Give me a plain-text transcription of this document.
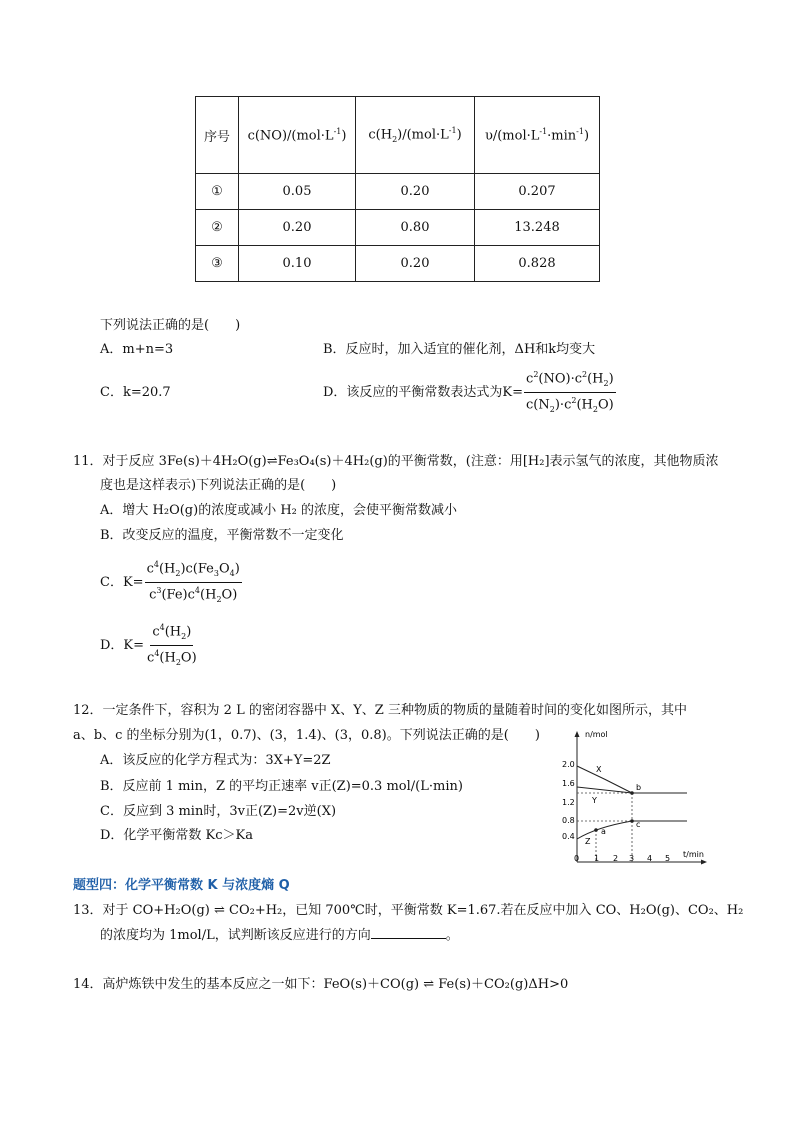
序号	$c(NO)/(mol\cdot L^{-1})$	$c(H_2)/(mol\cdot L^{-1})$	$\upsilon/(mol\cdot L^{-1}\cdot\min^{-1})$
①	0.05	0.20	0.207
②	0.20	0.80	13.248
③	0.10	0.20	0.828
下列说法正确的是(　　)
A．m+n=3	B．反应时，加入适宜的催化剂，ΔH和k均变大
C．k=20.7	D．该反应的平衡常数表达式为$K= \frac{c^2(NO)\cdot c^2(H_2)}{c(N_2)\cdot c^2(H_2O)}$
11．对于反应 3Fe(s)＋4H₂O(g)⇌Fe₃O₄(s)＋4H₂(g)的平衡常数，(注意：用[H₂]表示氢气的浓度，其他物质浓
度也是这样表示)下列说法正确的是(　　)
A．增大 H₂O(g)的浓度或减小 H₂ 的浓度，会使平衡常数减小
B．改变反应的温度，平衡常数不一定变化
C．$K= \frac{c^4(H_2)c(Fe_3O_4)}{c^3(Fe)c^4(H_2O)}$
D．$K= \frac{c^4(H_2)}{c^4(H_2O)}$
12．一定条件下，容积为 2 L 的密闭容器中 X、Y、Z 三种物质的物质的量随着时间的变化如图所示，其中
a、b、c 的坐标分别为(1，0.7)、(3，1.4)、(3，0.8)。下列说法正确的是(　　)
A．该反应的化学方程式为：3X+Y=2Z
B．反应前 1 min，Z 的平均正速率 v正(Z)=0.3 mol/(L·min)
C．反应到 3 min时，3v正(Z)=2v逆(X)
D．化学平衡常数 Kc＞Ka
n/mol
t/min
2.0
1.6
1.2
0.8
0.4
0 1 2 3 4 5
X
Y
Z
a
b
c
题型四：化学平衡常数 K 与浓度熵 Q
13．对于 CO+H₂O(g) ⇌ CO₂+H₂，已知 700℃时，平衡常数 K=1.67.若在反应中加入 CO、H₂O(g)、CO₂、H₂
的浓度均为 1mol/L，试判断该反应进行的方向	。
14．高炉炼铁中发生的基本反应之一如下：FeO(s)＋CO(g) ⇌ Fe(s)＋CO₂(g)ΔH>0
